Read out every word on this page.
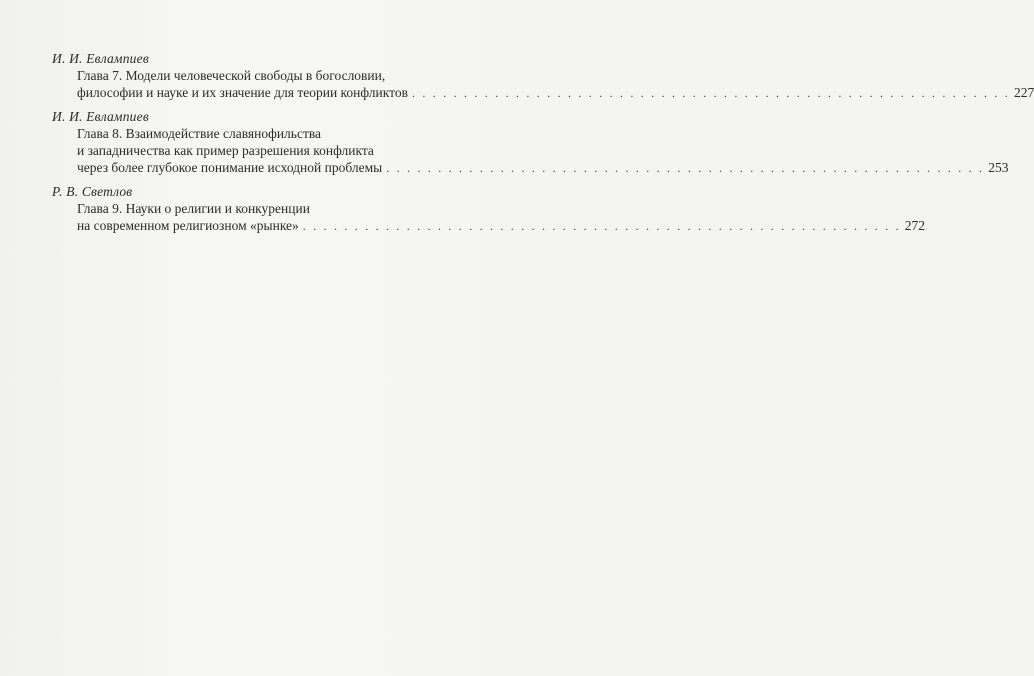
И. И. Евлампиев
Глава 7. Модели человеческой свободы в богословии,
философии и науке и их значение для теории конфликтов . . . . . . . . . . . . . . . . . . . . . . . . . . . . . . . . . . . . . . . . . . . . . . . . . . . . . . . . . . 227
И. И. Евлампиев
Глава 8. Взаимодействие славянофильства
и западничества как пример разрешения конфликта
через более глубокое понимание исходной проблемы . . . . . . . . . . . . . . . . . . . . . . . . . . . . . . . . . . . . . . . . . . . . . . . . . . . . . . . . . . 253
Р. В. Светлов
Глава 9. Науки о религии и конкуренции
на современном религиозном «рынке» . . . . . . . . . . . . . . . . . . . . . . . . . . . . . . . . . . . . . . . . . . . . . . . . . . . . . . . . . . 272
